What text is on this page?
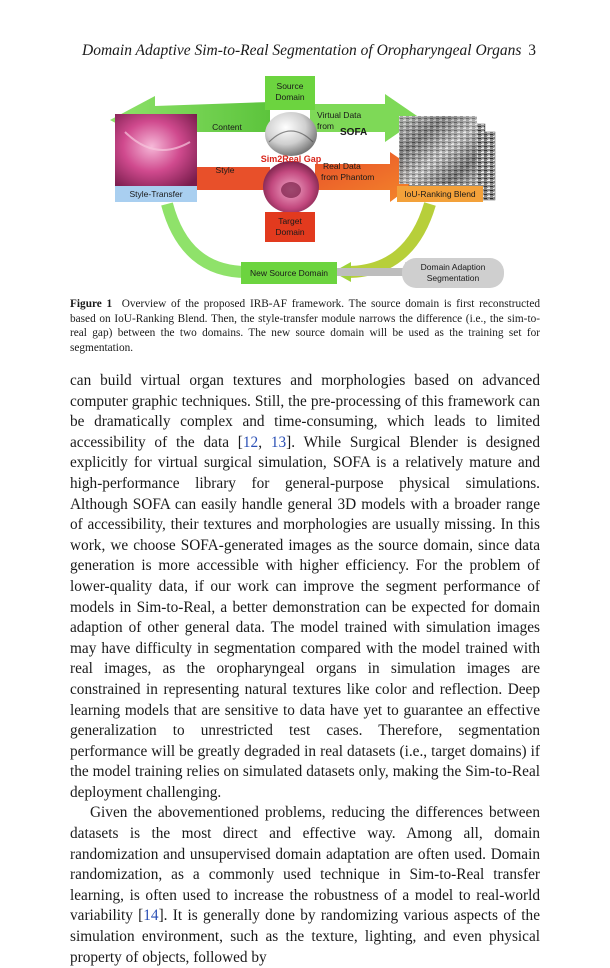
Domain Adaptive Sim-to-Real Segmentation of Oropharyngeal Organs 3
Source
Domain
Target
Domain
Sim2Real Gap
Content
Style
Virtual Data
from
SOFA
Real Data
from Phantom
Style-Transfer	IoU-Ranking Blend
New Source Domain
Domain Adaption
Segmentation
Figure 1 Overview of the proposed IRB-AF framework. The source domain is first reconstructed based on IoU-Ranking Blend. Then, the style-transfer module narrows the difference (i.e., the sim-to-real gap) between the two domains. The new source domain will be used as the training set for segmentation.

can build virtual organ textures and morphologies based on advanced computer graphic techniques. Still, the pre-processing of this framework can be dramatically complex and time-consuming, which leads to limited accessibility of the data [12, 13]. While Surgical Blender is designed explicitly for virtual surgical simulation, SOFA is a relatively mature and high-performance library for general-purpose physical simulations. Although SOFA can easily handle general 3D models with a broader range of accessibility, their textures and morphologies are usually missing. In this work, we choose SOFA-generated images as the source domain, since data generation is more accessible with higher efficiency. For the problem of lower-quality data, if our work can improve the segment performance of models in Sim-to-Real, a better demonstration can be expected for domain adaption of other general data. The model trained with simulation images may have difficulty in segmentation compared with the model trained with real images, as the oropharyngeal organs in simulation images are constrained in representing natural textures like color and reflection. Deep learning models that are sensitive to data have yet to guarantee an effective generalization to unrestricted test cases. Therefore, segmentation performance will be greatly degraded in real datasets (i.e., target domains) if the model training relies on simulated datasets only, making the Sim-to-Real deployment challenging.

Given the abovementioned problems, reducing the differences between datasets is the most direct and effective way. Among all, domain randomization and unsupervised domain adaptation are often used. Domain randomization, as a commonly used technique in Sim-to-Real transfer learning, is often used to increase the robustness of a model to real-world variability [14]. It is generally done by randomizing various aspects of the simulation environment, such as the texture, lighting, and even physical property of objects, followed by
